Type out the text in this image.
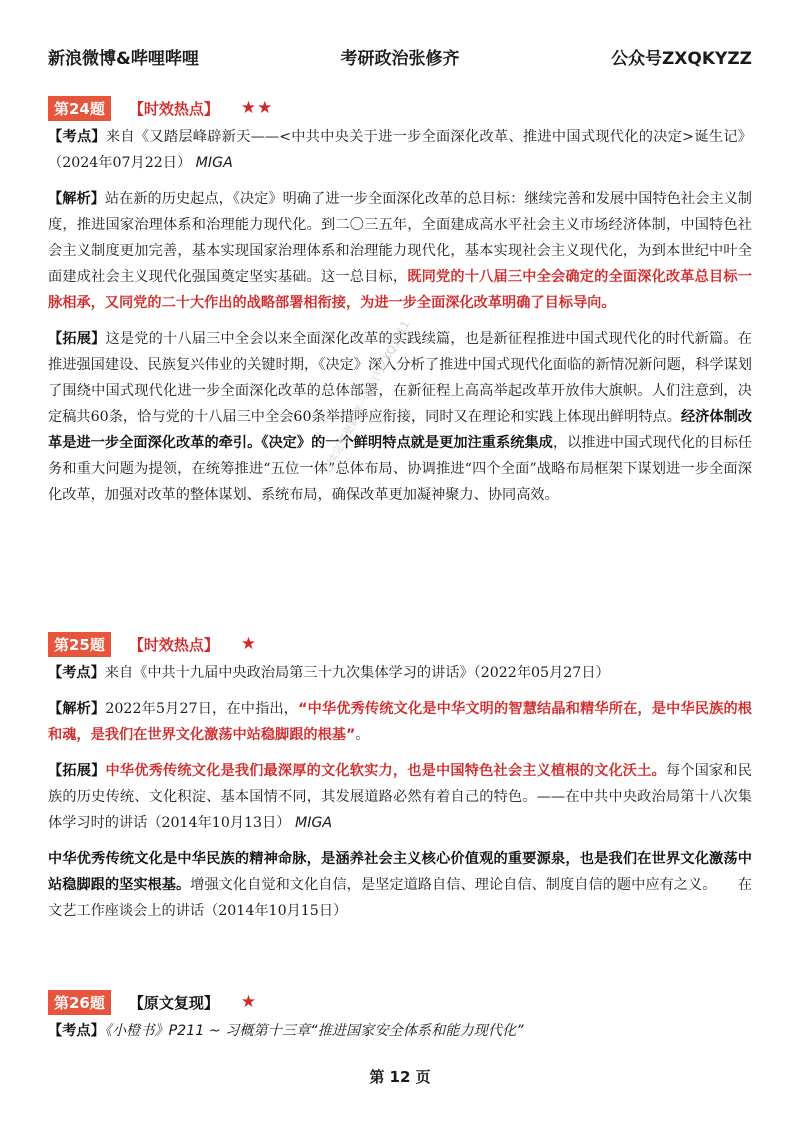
新浪微博&哔哩哔哩	考研政治张修齐	公众号ZXQKYZZ
第24题	【时效热点】 ★★

【考点】来自《又踏层峰辟新天——<中共中央关于进一步全面深化改革、推进中国式现代化的决定>诞生记》（2024年07月22日） MIGA

【解析】站在新的历史起点，《决定》明确了进一步全面深化改革的总目标：继续完善和发展中国特色社会主义制度，推进国家治理体系和治理能力现代化。到二〇三五年，全面建成高水平社会主义市场经济体制，中国特色社会主义制度更加完善，基本实现国家治理体系和治理能力现代化，基本实现社会主义现代化，为到本世纪中叶全面建成社会主义现代化强国奠定坚实基础。这一总目标，既同党的十八届三中全会确定的全面深化改革总目标一脉相承，又同党的二十大作出的战略部署相衔接，为进一步全面深化改革明确了目标导向。

【拓展】这是党的十八届三中全会以来全面深化改革的实践续篇，也是新征程推进中国式现代化的时代新篇。在推进强国建设、民族复兴伟业的关键时期，《决定》深入分析了推进中国式现代化面临的新情况新问题，科学谋划了围绕中国式现代化进一步全面深化改革的总体部署，在新征程上高高举起改革开放伟大旗帜。人们注意到，决定稿共60条，恰与党的十八届三中全会60条举措呼应衔接，同时又在理论和实践上体现出鲜明特点。经济体制改革是进一步全面深化改革的牵引。《决定》的一个鲜明特点就是更加注重系统集成，以推进中国式现代化的目标任务和重大问题为提领，在统筹推进“五位一体”总体布局、协调推进“四个全面”战略布局框架下谋划进一步全面深化改革，加强对改革的整体谋划、系统布局，确保改革更加凝神聚力、协同高效。

第25题	【时效热点】 ★

【考点】来自《中共十九届中央政治局第三十九次集体学习的讲话》（2022年05月27日）

【解析】2022年5月27日，在中指出，“中华优秀传统文化是中华文明的智慧结晶和精华所在，是中华民族的根和魂，是我们在世界文化激荡中站稳脚跟的根基”。

【拓展】中华优秀传统文化是我们最深厚的文化软实力，也是中国特色社会主义植根的文化沃土。每个国家和民族的历史传统、文化积淀、基本国情不同，其发展道路必然有着自己的特色。——在中共中央政治局第十八次集体学习时的讲话（2014年10月13日） MIGA

中华优秀传统文化是中华民族的精神命脉，是涵养社会主义核心价值观的重要源泉，也是我们在世界文化激荡中站稳脚跟的坚实根基。增强文化自觉和文化自信，是坚定道路自信、理论自信、制度自信的题中应有之义。　　在文艺工作座谈会上的讲话（2014年10月15日）

第26题	【原文复现】 ★

【考点】《小橙书》P211 ~ 习概第十三章“推进国家安全体系和能力现代化”

后续完整更新唯一微信号ZXQ1211
第 12 页
